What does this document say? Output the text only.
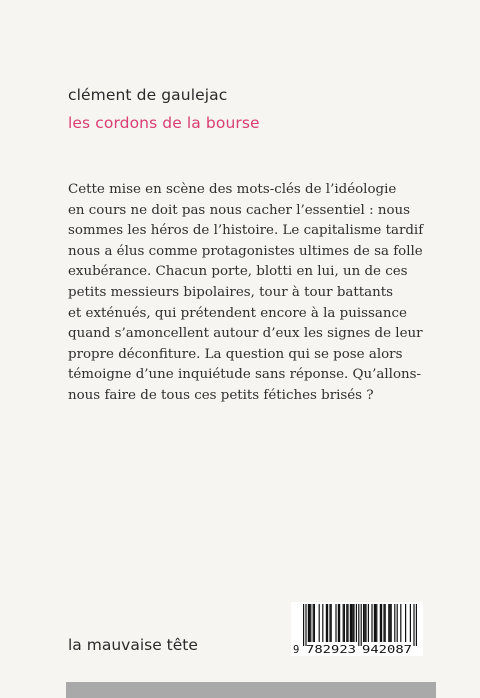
clément de gaulejac
les cordons de la bourse
Cette mise en scène des mots-clés de l’idéologie
en cours ne doit pas nous cacher l’essentiel : nous
sommes les héros de l’histoire. Le capitalisme tardif
nous a élus comme protagonistes ultimes de sa folle
exubérance. Chacun porte, blotti en lui, un de ces
petits messieurs bipolaires, tour à tour battants
et exténués, qui prétendent encore à la puissance
quand s’amoncellent autour d’eux les signes de leur
propre déconfiture. La question qui se pose alors
témoigne d’une inquiétude sans réponse. Qu’allons-
nous faire de tous ces petits fétiches brisés ?
la mauvaise tête	9 782923 942087
